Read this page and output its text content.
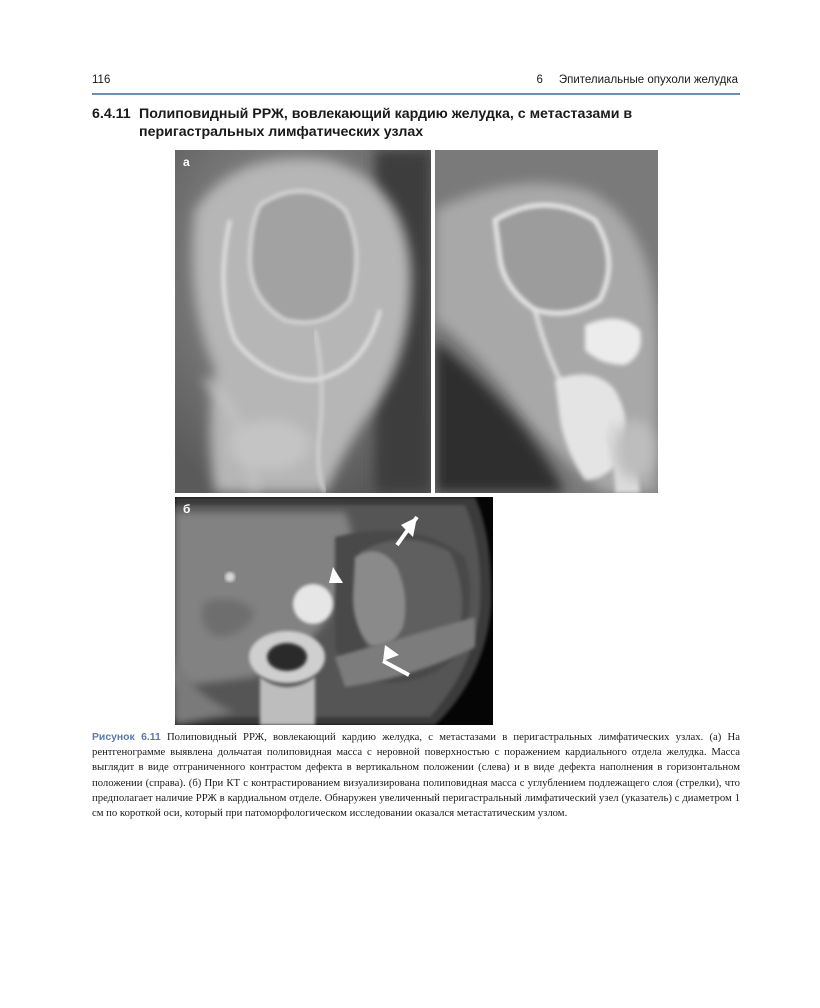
116	6 Эпителиальные опухоли желудка
6.4.11 Полиповидный РРЖ, вовлекающий кардию желудка, с метастазами в перигастральных лимфатических узлах
а
б
Рисунок 6.11 Полиповидный РРЖ, вовлекающий кардию желудка, с метастазами в перигастральных лимфатических узлах. (а) На рентгенограмме выявлена дольчатая полиповидная масса с неровной поверхностью с поражением кардиального отдела желудка. Масса выглядит в виде отграниченного контрастом дефекта в вертикальном положении (слева) и в виде дефекта наполнения в горизонтальном положении (справа). (б) При КТ с контрастированием визуализирована полиповидная масса с углублением подлежащего слоя (стрелки), что предполагает наличие РРЖ в кардиальном отделе. Обнаружен увеличенный перигастральный лимфатический узел (указатель) с диаметром 1 см по короткой оси, который при патоморфологическом исследовании оказался метастатическим узлом.
